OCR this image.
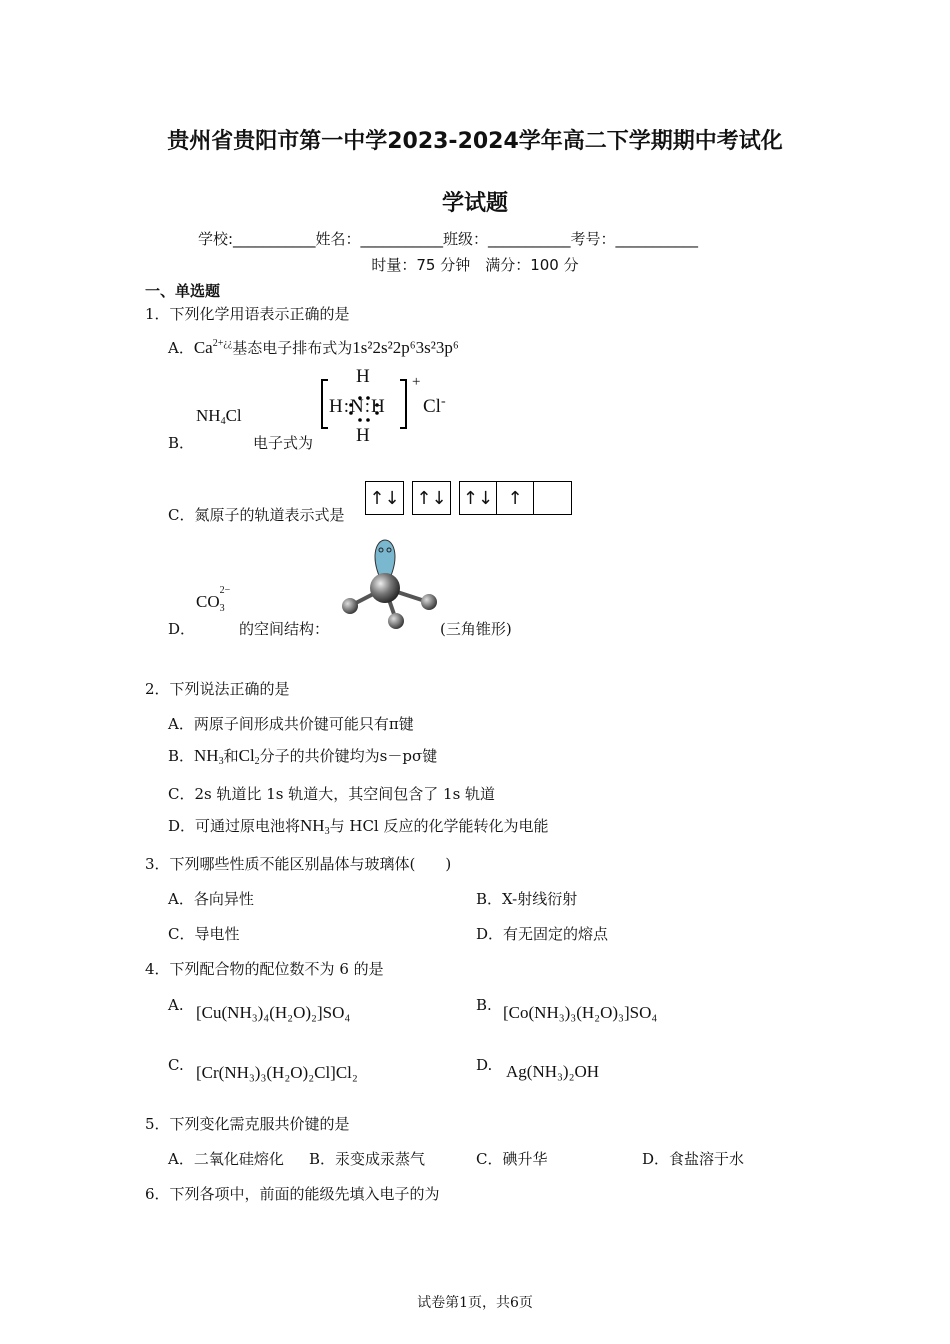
贵州省贵阳市第一中学2023-2024学年高二下学期期中考试化
学试题
学校:___________姓名：___________班级：___________考号：___________
时量：75 分钟　满分：100 分
一、单选题
1．下列化学用语表示正确的是
A．$Ca^{2+¿¿}$基态电子排布式为1s²2s²2p⁶3s²3p⁶
$NH_4Cl$
B．	电子式为
H
H:N:H
H
+
Cl-
C．氮原子的轨道表示式是
↑↓ ↑↓ ↑↓ ↑
CO
2−
3
D．	的空间结构：	(三角锥形)
2．下列说法正确的是
A．两原子间形成共价键可能只有π键
B．$NH_3$和$Cl_2$分子的共价键均为s－pσ键
C．2s 轨道比 1s 轨道大，其空间包含了 1s 轨道
D．可通过原电池将$NH_3$与 HCl 反应的化学能转化为电能
3．下列哪些性质不能区别晶体与玻璃体(　　)
A．各向异性	B．X-射线衍射
C．导电性	D．有无固定的熔点
4．下列配合物的配位数不为 6 的是
A. [Cu(NH₃)₄(H₂O)₂]SO₄	B. [Co(NH₃)₃(H₂O)₃]SO₄
C. [Cr(NH₃)₃(H₂O)₂Cl]Cl₂	D. Ag(NH₃)₂OH
5．下列变化需克服共价键的是
A．二氧化硅熔化 B．汞变成汞蒸气	C．碘升华	D．食盐溶于水
6．下列各项中，前面的能级先填入电子的为
试卷第1页，共6页
